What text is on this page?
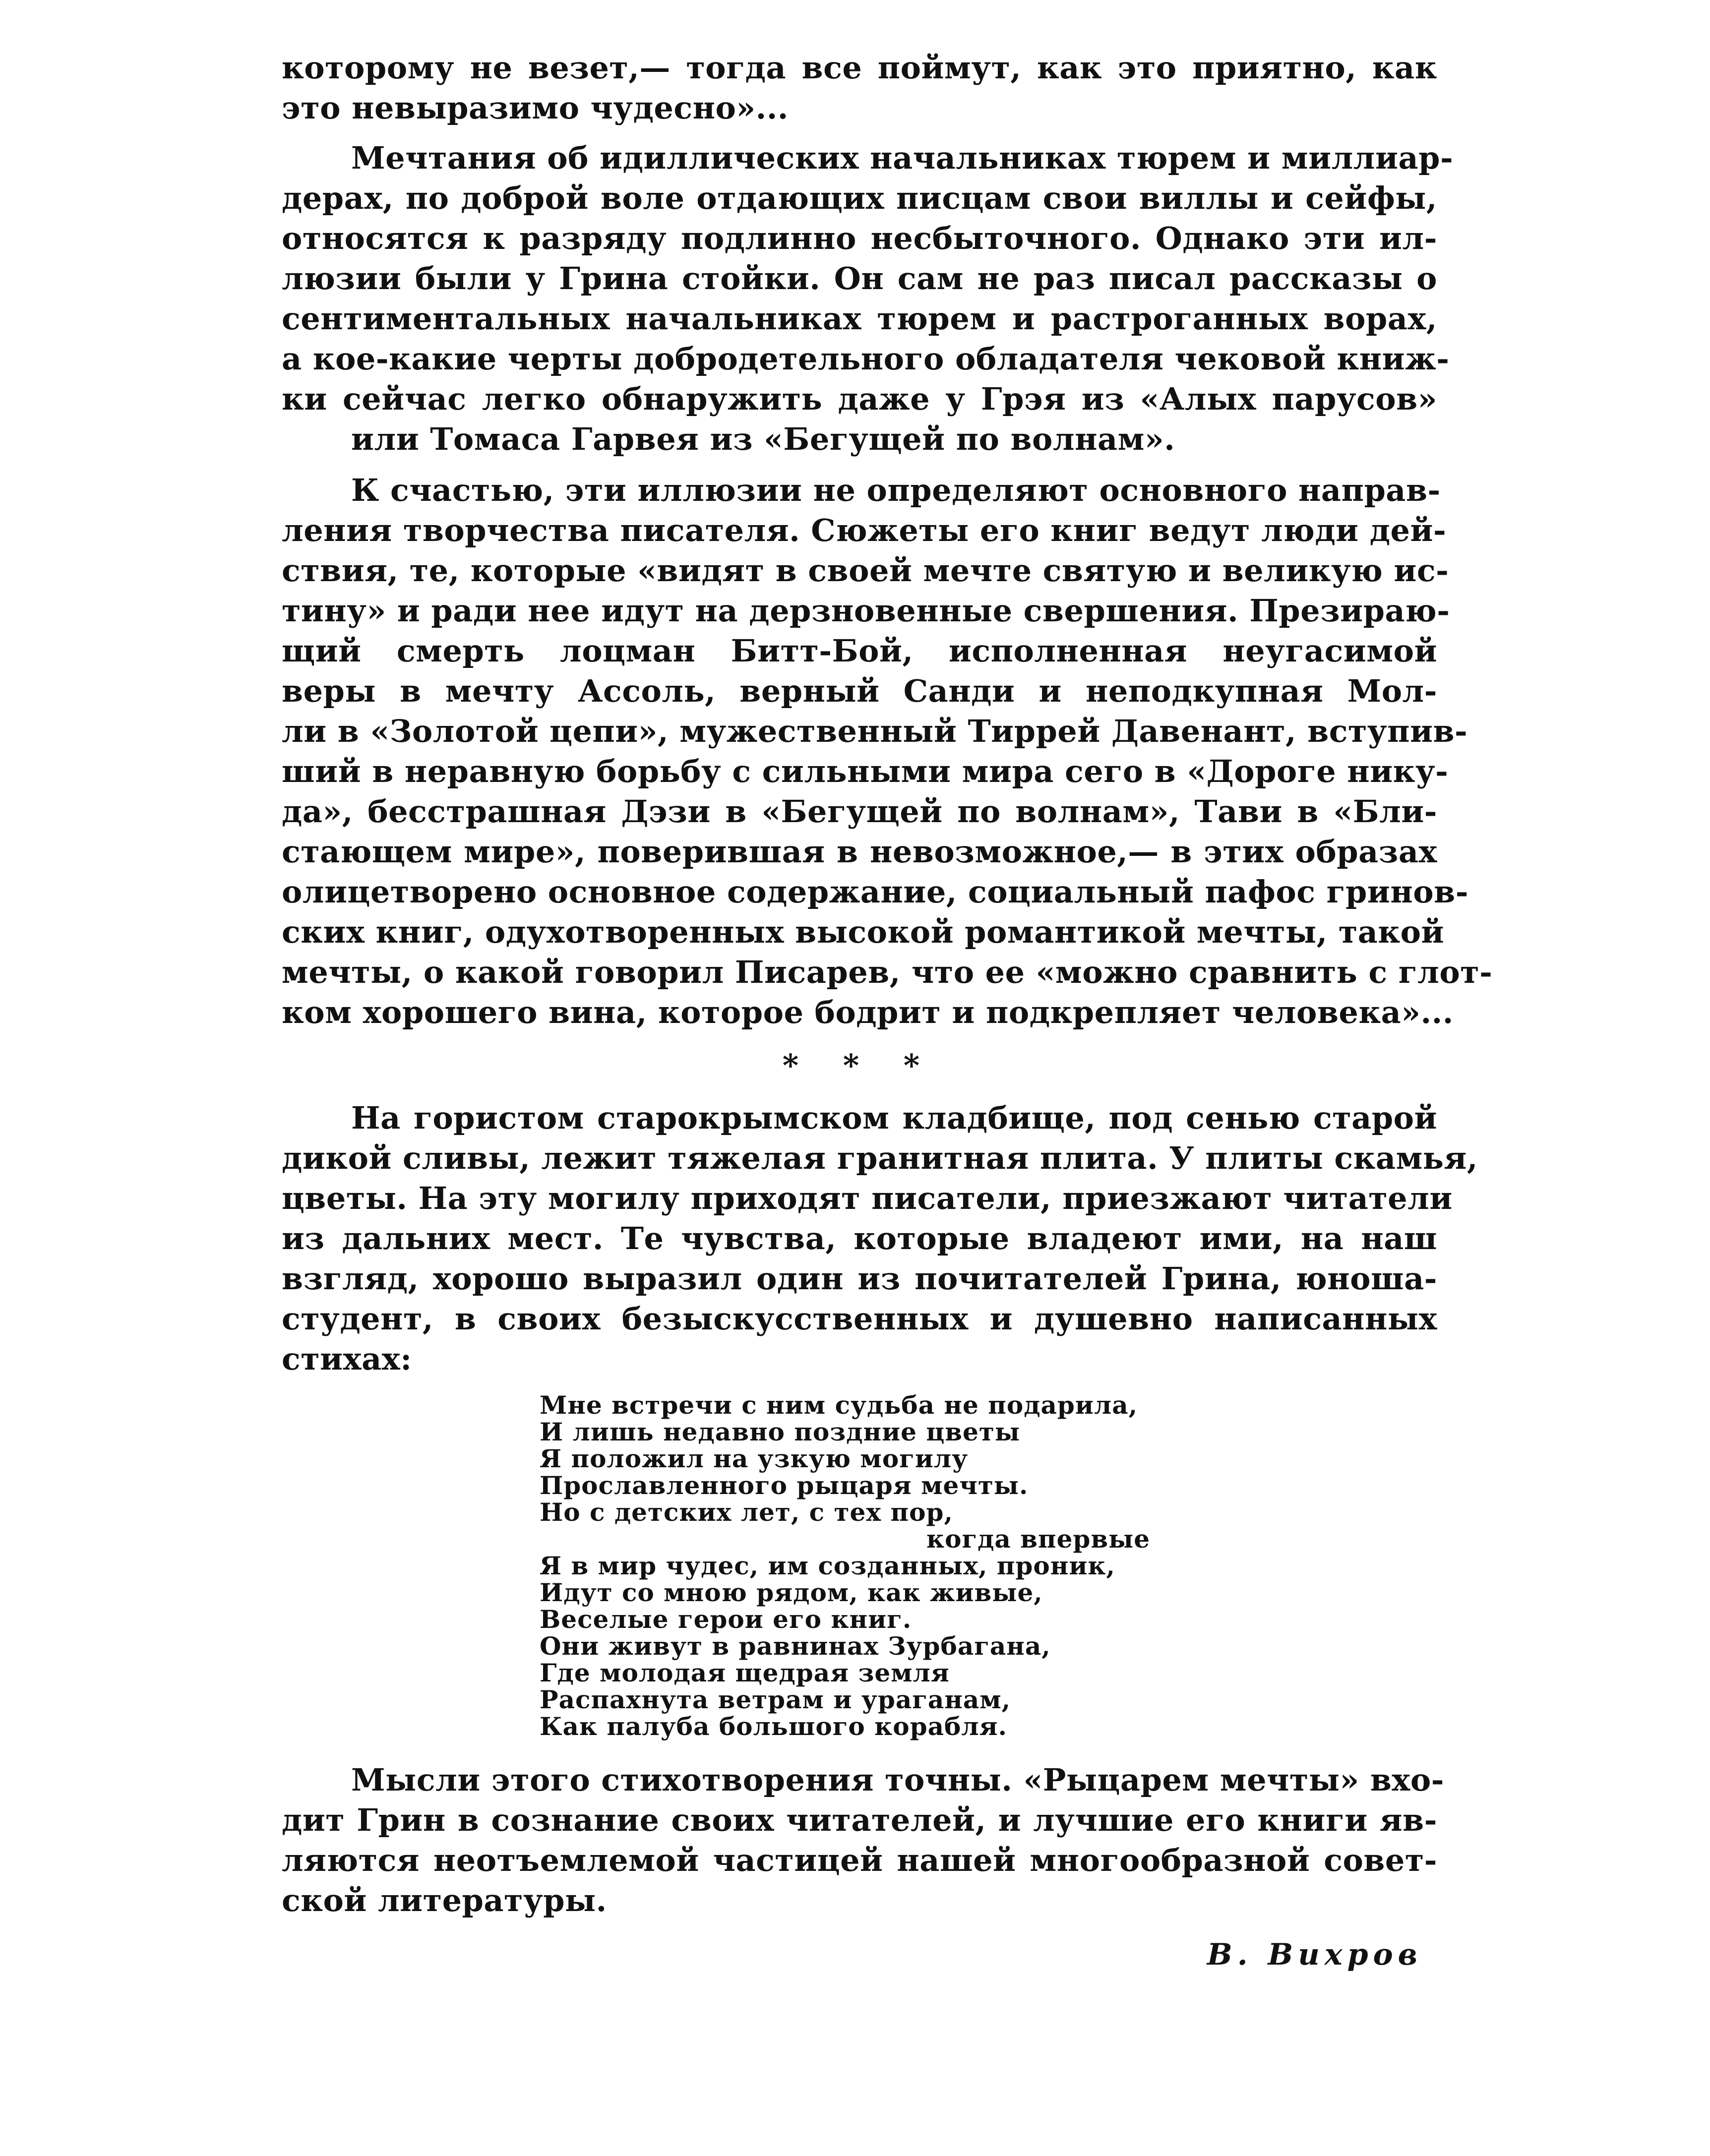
которому не везет,— тогда все поймут, как это приятно, как
это невыразимо чудесно»...
Мечтания об идиллических начальниках тюрем и миллиар-
дерах, по доброй воле отдающих писцам свои виллы и сейфы,
относятся к разряду подлинно несбыточного. Однако эти ил-
люзии были у Грина стойки. Он сам не раз писал рассказы о
сентиментальных начальниках тюрем и растроганных ворах,
а кое-какие черты добродетельного обладателя чековой книж-
ки сейчас легко обнаружить даже у Грэя из «Алых парусов»
или Томаса Гарвея из «Бегущей по волнам».
К счастью, эти иллюзии не определяют основного направ-
ления творчества писателя. Сюжеты его книг ведут люди дей-
ствия, те, которые «видят в своей мечте святую и великую ис-
тину» и ради нее идут на дерзновенные свершения. Презираю-
щий смерть лоцман Битт-Бой, исполненная неугасимой
веры в мечту Ассоль, верный Санди и неподкупная Мол-
ли в «Золотой цепи», мужественный Тиррей Давенант, вступив-
ший в неравную борьбу с сильными мира сего в «Дороге нику-
да», бесстрашная Дэзи в «Бегущей по волнам», Тави в «Бли-
стающем мире», поверившая в невозможное,— в этих образах
олицетворено основное содержание, социальный пафос гринов-
ских книг, одухотворенных высокой романтикой мечты, такой
мечты, о какой говорил Писарев, что ее «можно сравнить с глот-
ком хорошего вина, которое бодрит и подкрепляет человека»...
* * *
На гористом старокрымском кладбище, под сенью старой
дикой сливы, лежит тяжелая гранитная плита. У плиты скамья,
цветы. На эту могилу приходят писатели, приезжают читатели
из дальних мест. Те чувства, которые владеют ими, на наш
взгляд, хорошо выразил один из почитателей Грина, юноша-
студент, в своих безыскусственных и душевно написанных
стихах:
Мне встречи с ним судьба не подарила,
И лишь недавно поздние цветы
Я положил на узкую могилу
Прославленного рыцаря мечты.
Но с детских лет, с тех пор,
когда впервые
Я в мир чудес, им созданных, проник,
Идут со мною рядом, как живые,
Веселые герои его книг.
Они живут в равнинах Зурбагана,
Где молодая щедрая земля
Распахнута ветрам и ураганам,
Как палуба большого корабля.
Мысли этого стихотворения точны. «Рыцарем мечты» вхо-
дит Грин в сознание своих читателей, и лучшие его книги яв-
ляются неотъемлемой частицей нашей многообразной совет-
ской литературы.
В. Вихров
